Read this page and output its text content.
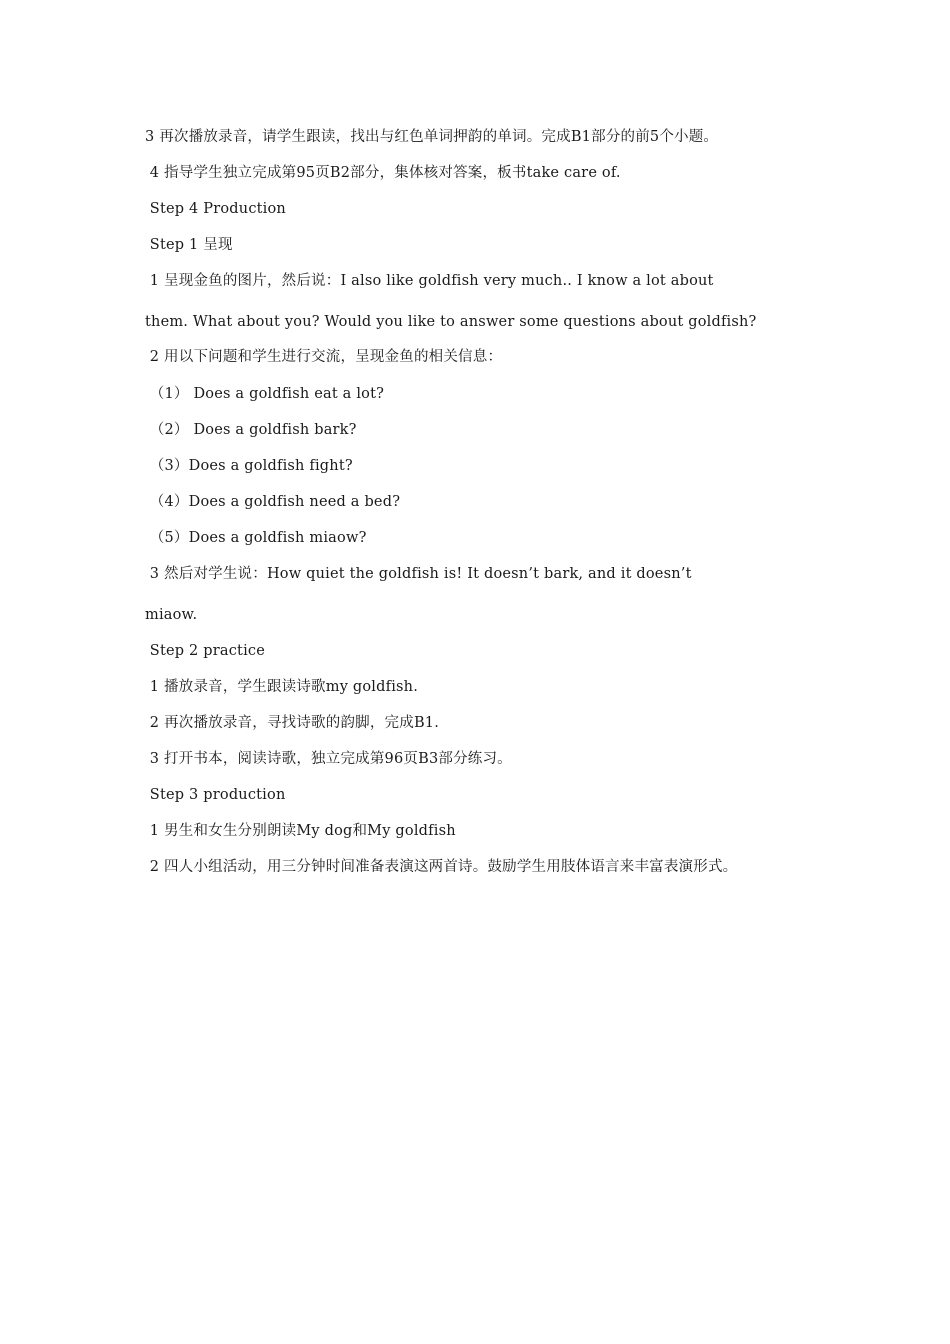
3 再次播放录音，请学生跟读，找出与红色单词押韵的单词。完成B1部分的前5个小题。
4 指导学生独立完成第95页B2部分，集体核对答案，板书take care of.
Step 4 Production
Step 1 呈现
1 呈现金鱼的图片，然后说：I also like goldfish very much.. I know a lot about
them. What about you? Would you like to answer some questions about goldfish?
2 用以下问题和学生进行交流，呈现金鱼的相关信息：
（1） Does a goldfish eat a lot?
（2） Does a goldfish bark?
（3）Does a goldfish fight?
（4）Does a goldfish need a bed?
（5）Does a goldfish miaow?
3 然后对学生说：How quiet the goldfish is! It doesn’t bark, and it doesn’t
miaow.
Step 2 practice
1 播放录音，学生跟读诗歌my goldfish.
2 再次播放录音，寻找诗歌的韵脚，完成B1.
3 打开书本，阅读诗歌，独立完成第96页B3部分练习。
Step 3 production
1 男生和女生分别朗读My dog和My goldfish
2 四人小组活动，用三分钟时间准备表演这两首诗。鼓励学生用肢体语言来丰富表演形式。
